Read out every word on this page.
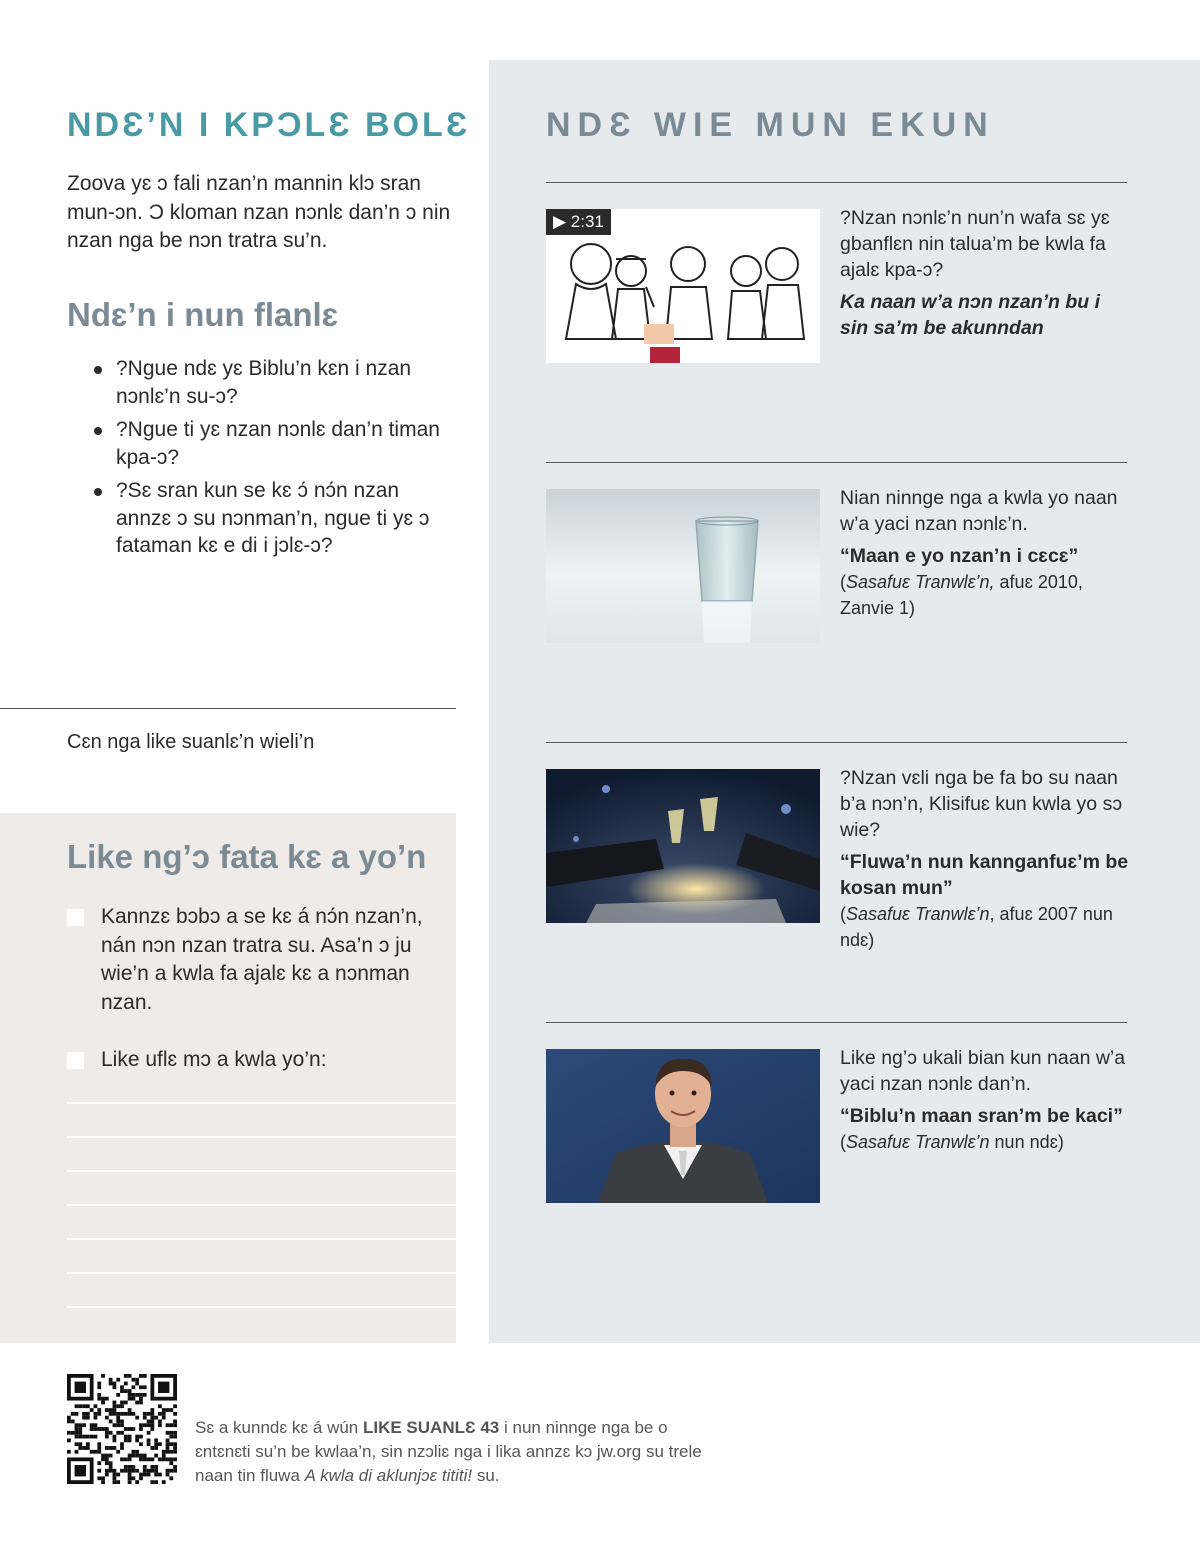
NDƐ’N I KPƆLƐ BOLƐ

Zoova yɛ ɔ fali nzan’n mannin klɔ sran mun-ɔn. Ɔ kloman nzan nɔnlɛ dan’n ɔ nin nzan nga be nɔn tratra su’n.

Ndɛ’n i nun flanlɛ
?Ngue ndɛ yɛ Biblu’n kɛn i nzan nɔnlɛ’n su-ɔ?
?Ngue ti yɛ nzan nɔnlɛ dan’n timan kpa-ɔ?
?Sɛ sran kun se kɛ ɔ́ nɔ́n nzan annzɛ ɔ su nɔnman’n, ngue ti yɛ ɔ fataman kɛ e di i jɔlɛ-ɔ?

Cɛn nga like suanlɛ’n wieli’n

Like ng’ɔ fata kɛ a yo’n

Kannzɛ bɔbɔ a se kɛ á nɔ́n nzan’n, nán nɔn nzan tratra su. Asa’n ɔ ju wie’n a kwla fa ajalɛ kɛ a nɔnman nzan.

Like uflɛ mɔ a kwla yo’n:

NDƐ WIE MUN EKUN
▶ 2:31	?Nzan nɔnlɛ’n nun’n wafa sɛ yɛ gbanflɛn nin talua’m be kwla fa ajalɛ kpa-ɔ?
Ka naan w’a nɔn nzan’n bu i sin sa’m be akunndan
Nian ninnge nga a kwla yo naan w’a yaci nzan nɔnlɛ’n.
“Maan e yo nzan’n i cɛcɛ”
(Sasafuɛ Tranwlɛ’n, afuɛ 2010, Zanvie 1)
?Nzan vɛli nga be fa bo su naan b’a nɔn’n, Klisifuɛ kun kwla yo sɔ wie?
“Fluwa’n nun kannganfuɛ’m be kosan mun”
(Sasafuɛ Tranwlɛ’n, afuɛ 2007 nun ndɛ)
Like ng’ɔ ukali bian kun naan w’a yaci nzan nɔnlɛ dan’n.
“Biblu’n maan sran’m be kaci”
(Sasafuɛ Tranwlɛ’n nun ndɛ)

Sɛ a kunndɛ kɛ á wún LIKE SUANLƐ 43 i nun ninnge nga be o ɛntɛnɛti su’n be kwlaa’n, sin nzɔliɛ nga i lika annzɛ kɔ jw.org su trele naan tin fluwa A kwla di aklunjɔɛ tititi! su.
